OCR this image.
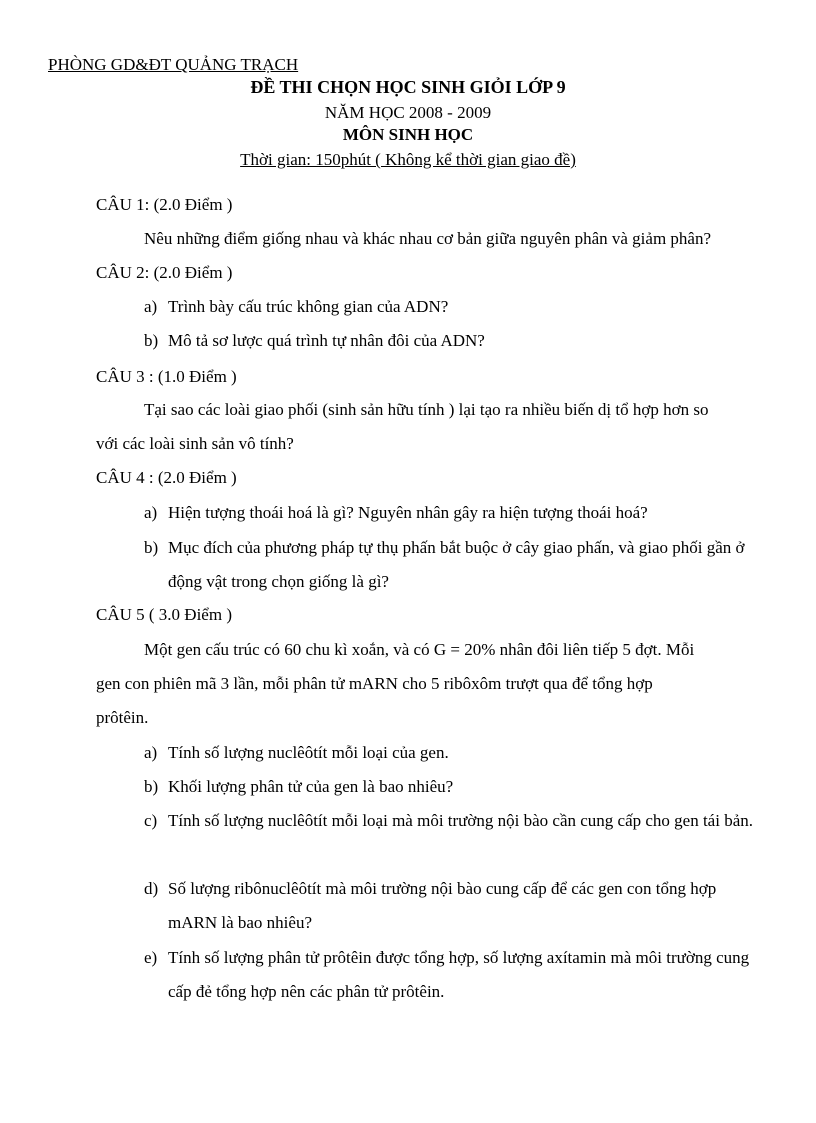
PHÒNG GD&ĐT QUẢNG TRẠCH
ĐỀ THI CHỌN HỌC SINH GIỎI LỚP 9
NĂM HỌC 2008 - 2009
MÔN SINH HỌC
Thời gian: 150phút ( Không kể thời gian giao đề)
CÂU 1: (2.0 Điểm )
Nêu những điểm giống nhau và khác nhau cơ bản giữa nguyên phân và giảm phân?
CÂU 2: (2.0 Điểm )
a) Trình bày cấu trúc không gian của ADN?
b) Mô tả sơ lược quá trình tự nhân đôi của ADN?
CÂU 3 : (1.0 Điểm )
Tại sao các loài giao phối (sinh sản hữu tính ) lại tạo ra nhiều biến dị tổ hợp hơn so
với các loài sinh sản vô tính?
CÂU 4 : (2.0 Điểm )
a) Hiện tượng thoái hoá là gì? Nguyên nhân gây ra hiện tượng thoái hoá?
b) Mục đích của phương pháp tự thụ phấn bắt buộc ở cây giao phấn, và giao phối gần ở động vật trong chọn giống là gì?
CÂU 5 ( 3.0 Điểm )
Một gen cấu trúc có 60 chu kì xoắn, và có G = 20% nhân đôi liên tiếp 5 đợt. Mỗi
gen con phiên mã 3 lần, mỗi phân tử mARN cho 5 ribôxôm trượt qua để tổng hợp
prôtêin.
a) Tính số lượng nuclêôtít mỗi loại của gen.
b) Khối lượng phân tử của gen là bao nhiêu?
c) Tính số lượng nuclêôtít mỗi loại mà môi trường nội bào cần cung cấp cho gen tái bản.
d) Số lượng ribônuclêôtít mà môi trường nội bào cung cấp để các gen con tổng hợp mARN là bao nhiêu?
e) Tính số lượng phân tử prôtêin được tổng hợp, số lượng axítamin mà môi trường cung cấp đẻ tổng hợp nên các phân tử prôtêin.
